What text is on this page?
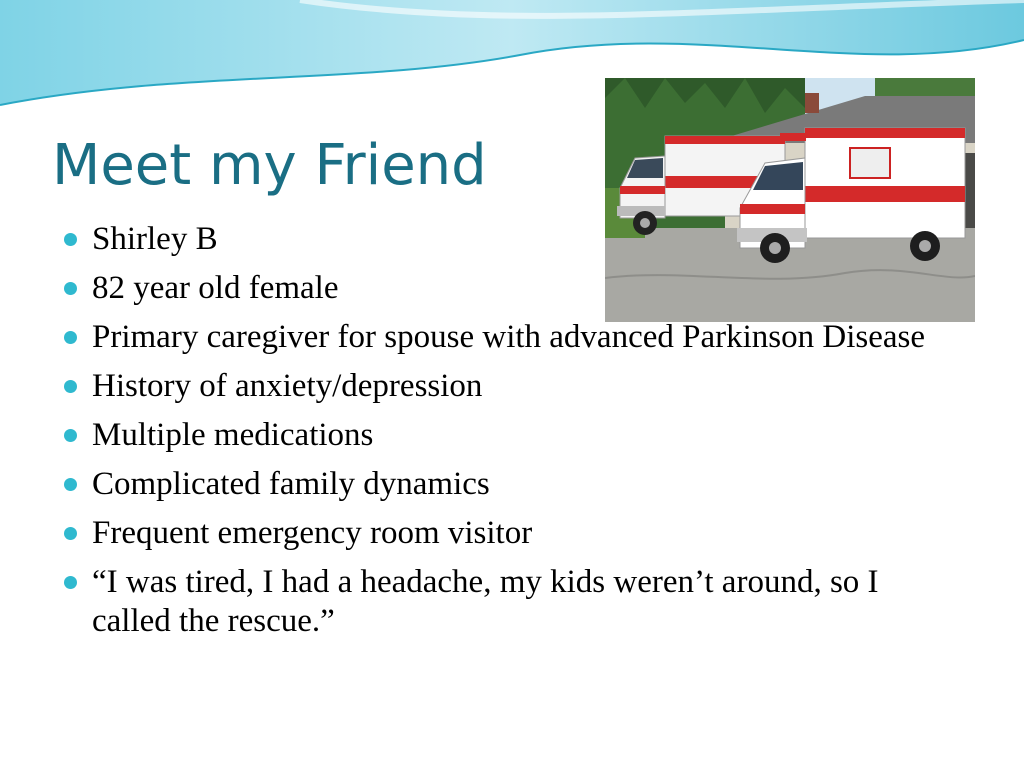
Meet my Friend
Shirley B
82 year old female
Primary caregiver for spouse with advanced Parkinson Disease
History of anxiety/depression
Multiple medications
Complicated family dynamics
Frequent emergency room visitor
“I was tired, I had a headache, my kids weren’t around, so I called the rescue.”
